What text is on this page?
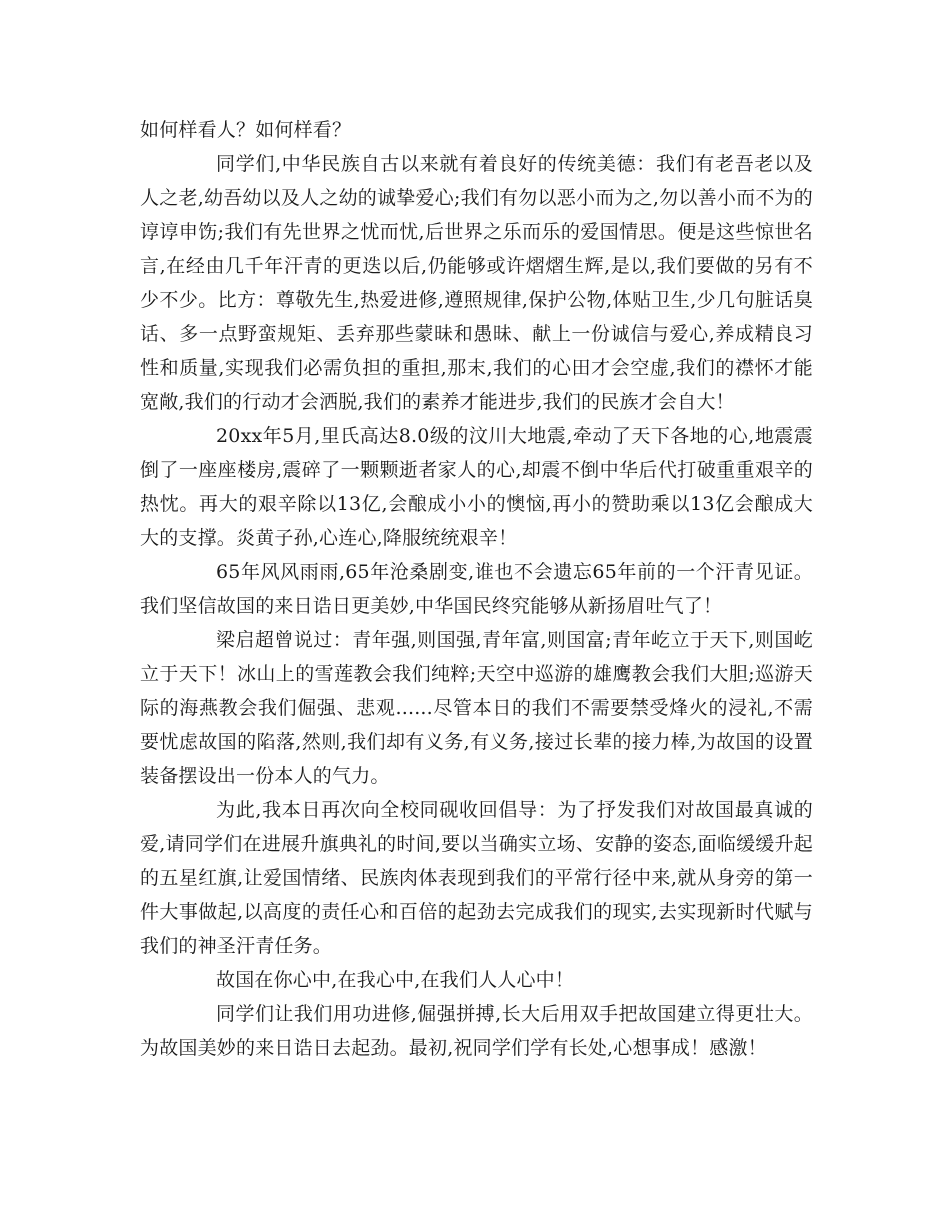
如何样看人？如何样看？

同学们,中华民族自古以来就有着良好的传统美德：我们有老吾老以及人之老,幼吾幼以及人之幼的诚挚爱心;我们有勿以恶小而为之,勿以善小而不为的谆谆申饬;我们有先世界之忧而忧,后世界之乐而乐的爱国情思。便是这些惊世名言,在经由几千年汗青的更迭以后,仍能够或许熠熠生辉,是以,我们要做的另有不少不少。比方：尊敬先生,热爱进修,遵照规律,保护公物,体贴卫生,少几句脏话臭话、多一点野蛮规矩、丢弃那些蒙昧和愚昧、献上一份诚信与爱心,养成精良习性和质量,实现我们必需负担的重担,那末,我们的心田才会空虚,我们的襟怀才能宽敞,我们的行动才会洒脱,我们的素养才能进步,我们的民族才会自大！

20xx年5月,里氏高达8.0级的汶川大地震,牵动了天下各地的心,地震震倒了一座座楼房,震碎了一颗颗逝者家人的心,却震不倒中华后代打破重重艰辛的热忱。再大的艰辛除以13亿,会酿成小小的懊恼,再小的赞助乘以13亿会酿成大大的支撑。炎黄子孙,心连心,降服统统艰辛！

65年风风雨雨,65年沧桑剧变,谁也不会遗忘65年前的一个汗青见证。我们坚信故国的来日诰日更美妙,中华国民终究能够从新扬眉吐气了！

梁启超曾说过：青年强,则国强,青年富,则国富;青年屹立于天下,则国屹立于天下！冰山上的雪莲教会我们纯粹;天空中巡游的雄鹰教会我们大胆;巡游天际的海燕教会我们倔强、悲观......尽管本日的我们不需要禁受烽火的浸礼,不需要忧虑故国的陷落,然则,我们却有义务,有义务,接过长辈的接力棒,为故国的设置装备摆设出一份本人的气力。

为此,我本日再次向全校同砚收回倡导：为了抒发我们对故国最真诚的爱,请同学们在进展升旗典礼的时间,要以当确实立场、安静的姿态,面临缓缓升起的五星红旗,让爱国情绪、民族肉体表现到我们的平常行径中来,就从身旁的第一件大事做起,以高度的责任心和百倍的起劲去完成我们的现实,去实现新时代赋与我们的神圣汗青任务。

故国在你心中,在我心中,在我们人人心中！

同学们让我们用功进修,倔强拼搏,长大后用双手把故国建立得更壮大。为故国美妙的来日诰日去起劲。最初,祝同学们学有长处,心想事成！感激！
